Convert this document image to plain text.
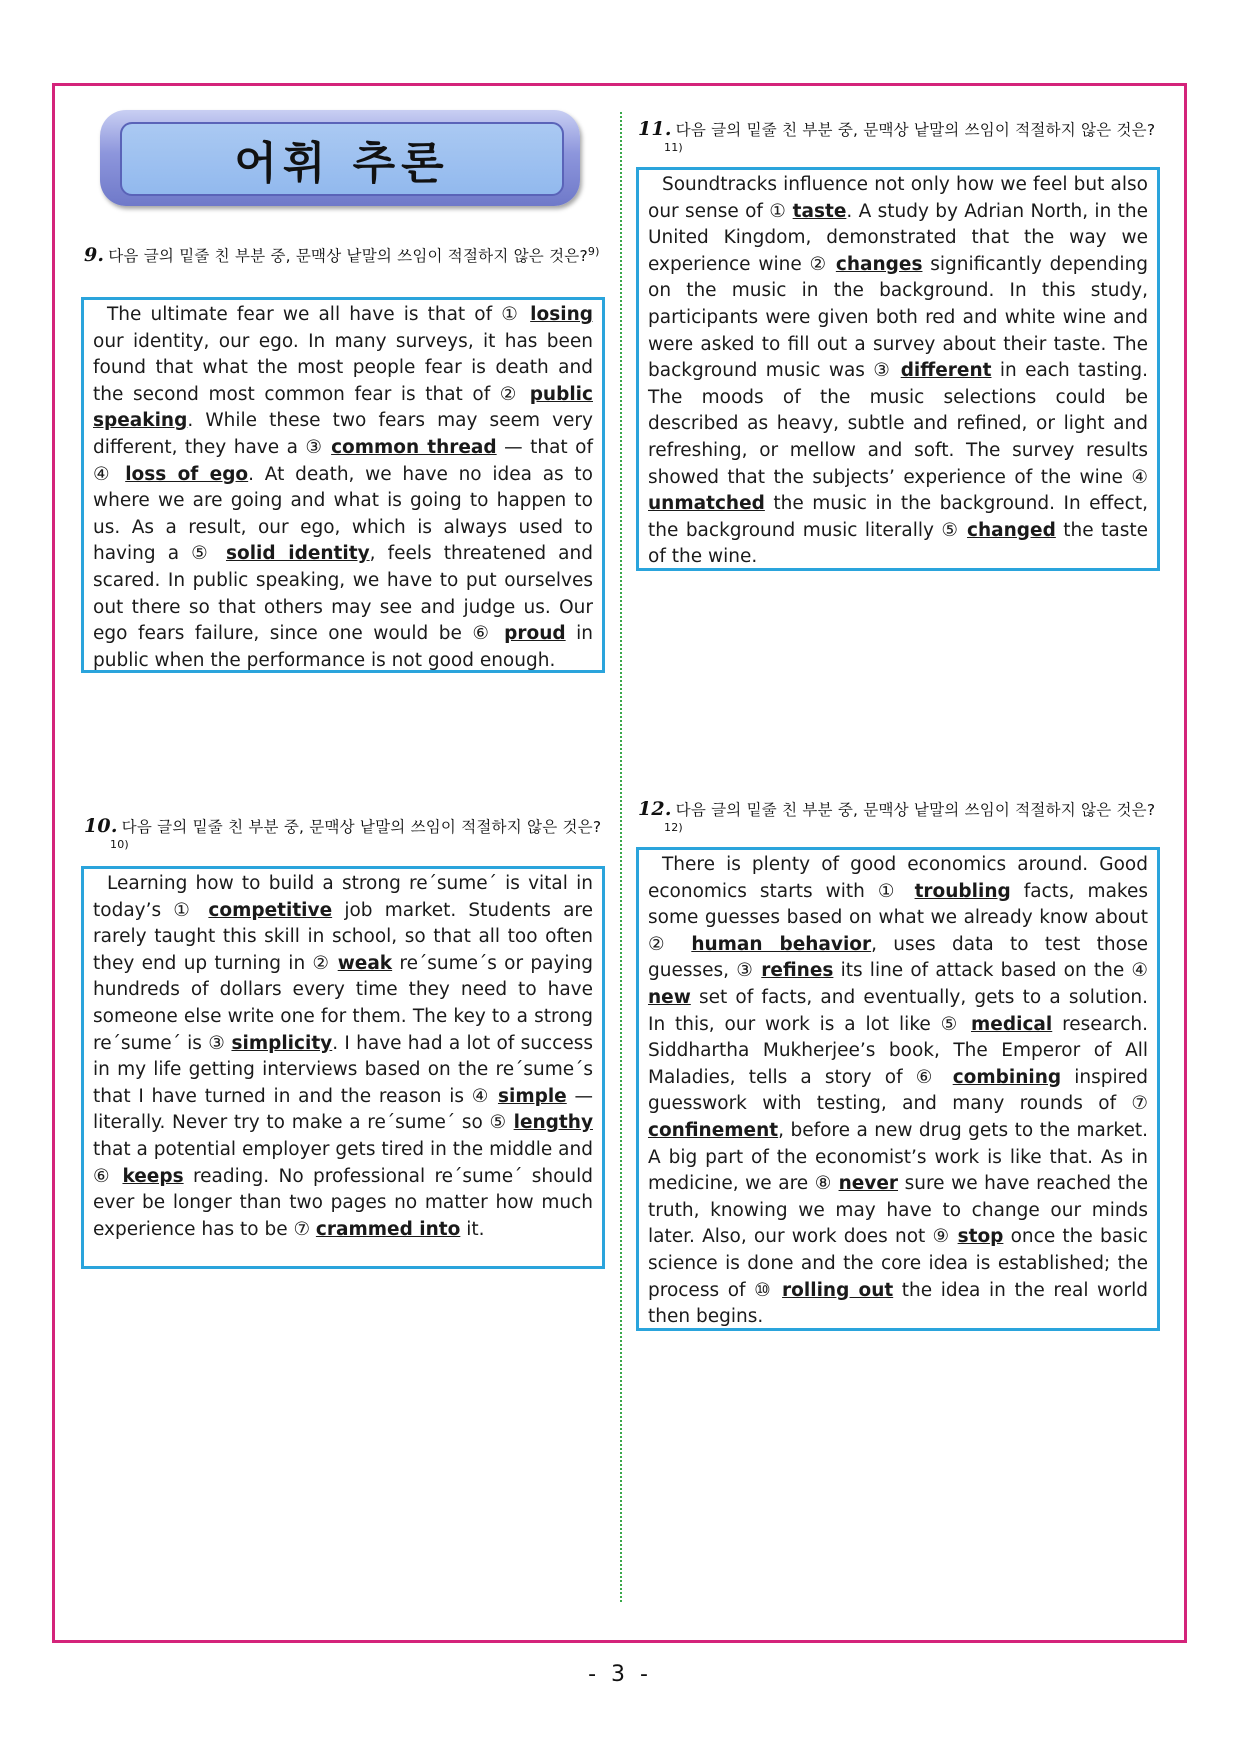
어휘 추론
9. 다음 글의 밑줄 친 부분 중, 문맥상 낱말의 쓰임이 적절하지 않은 것은?$^{9)}$

The ultimate fear we all have is that of ① losing our identity, our ego. In many surveys, it has been found that what the most people fear is death and the second most common fear is that of ② public speaking. While these two fears may seem very different, they have a ③ common thread — that of ④ loss of ego. At death, we have no idea as to where we are going and what is going to happen to us. As a result, our ego, which is always used to having a ⑤ solid identity, feels threatened and scared. In public speaking, we have to put ourselves out there so that others may see and judge us. Our ego fears failure, since one would be ⑥ proud in public when the performance is not good enough.

10. 다음 글의 밑줄 친 부분 중, 문맥상 낱말의 쓰임이 적절하지 않은 것은?$^{10)}$

Learning how to build a strong re´sume´ is vital in today’s ① competitive job market. Students are rarely taught this skill in school, so that all too often they end up turning in ② weak re´sume´s or paying hundreds of dollars every time they need to have someone else write one for them. The key to a strong re´sume´ is ③ simplicity. I have had a lot of success in my life getting interviews based on the re´sume´s that I have turned in and the reason is ④ simple — literally. Never try to make a re´sume´ so ⑤ lengthy that a potential employer gets tired in the middle and ⑥ keeps reading. No professional re´sume´ should ever be longer than two pages no matter how much experience has to be ⑦ crammed into it.

11. 다음 글의 밑줄 친 부분 중, 문맥상 낱말의 쓰임이 적절하지 않은 것은?$^{11)}$

Soundtracks influence not only how we feel but also our sense of ① taste. A study by Adrian North, in the United Kingdom, demonstrated that the way we experience wine ② changes significantly depending on the music in the background. In this study, participants were given both red and white wine and were asked to fill out a survey about their taste. The background music was ③ different in each tasting. The moods of the music selections could be described as heavy, subtle and refined, or light and refreshing, or mellow and soft. The survey results showed that the subjects’ experience of the wine ④ unmatched the music in the background. In effect, the background music literally ⑤ changed the taste of the wine.

12. 다음 글의 밑줄 친 부분 중, 문맥상 낱말의 쓰임이 적절하지 않은 것은?$^{12)}$

There is plenty of good economics around. Good economics starts with ① troubling facts, makes some guesses based on what we already know about ② human behavior, uses data to test those guesses, ③ refines its line of attack based on the ④ new set of facts, and eventually, gets to a solution. In this, our work is a lot like ⑤ medical research. Siddhartha Mukherjee’s book, The Emperor of All Maladies, tells a story of ⑥ combining inspired guesswork with testing, and many rounds of ⑦ confinement, before a new drug gets to the market. A big part of the economist’s work is like that. As in medicine, we are ⑧ never sure we have reached the truth, knowing we may have to change our minds later. Also, our work does not ⑨ stop once the basic science is done and the core idea is established; the process of ⑩ rolling out the idea in the real world then begins.

- 3 -
